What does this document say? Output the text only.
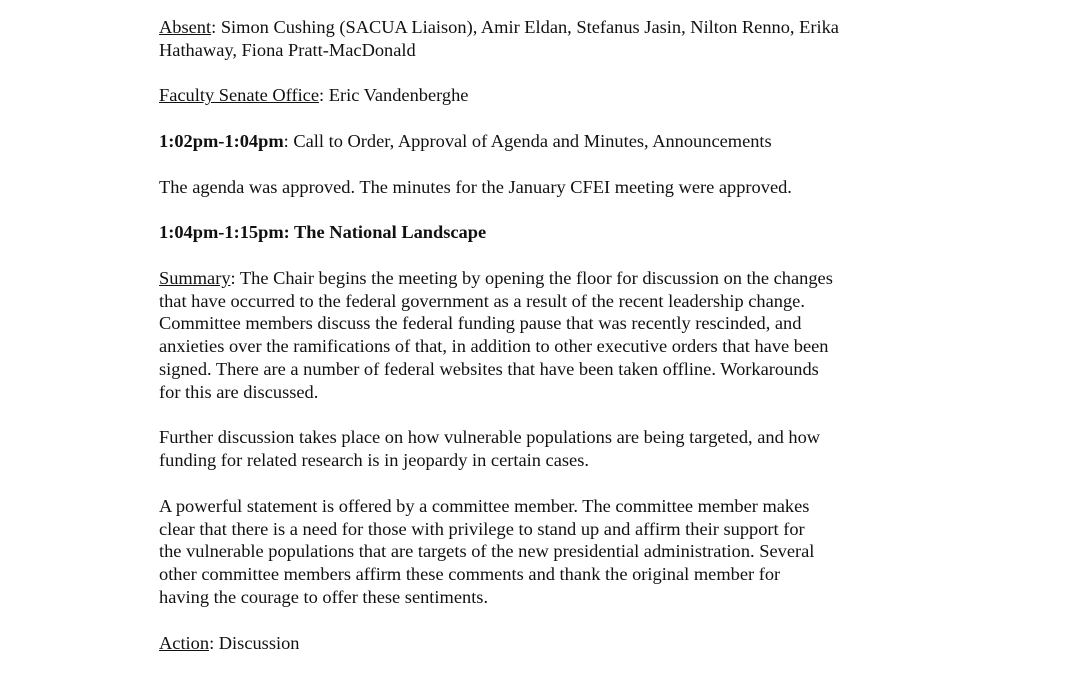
Absent: Simon Cushing (SACUA Liaison), Amir Eldan, Stefanus Jasin, Nilton Renno, Erika
Hathaway, Fiona Pratt-MacDonald

Faculty Senate Office: Eric Vandenberghe

1:02pm-1:04pm: Call to Order, Approval of Agenda and Minutes, Announcements

The agenda was approved. The minutes for the January CFEI meeting were approved.

1:04pm-1:15pm: The National Landscape

Summary: The Chair begins the meeting by opening the floor for discussion on the changes
that have occurred to the federal government as a result of the recent leadership change.
Committee members discuss the federal funding pause that was recently rescinded, and
anxieties over the ramifications of that, in addition to other executive orders that have been
signed. There are a number of federal websites that have been taken offline. Workarounds
for this are discussed.

Further discussion takes place on how vulnerable populations are being targeted, and how
funding for related research is in jeopardy in certain cases.

A powerful statement is offered by a committee member. The committee member makes
clear that there is a need for those with privilege to stand up and affirm their support for
the vulnerable populations that are targets of the new presidential administration. Several
other committee members affirm these comments and thank the original member for
having the courage to offer these sentiments.

Action: Discussion
